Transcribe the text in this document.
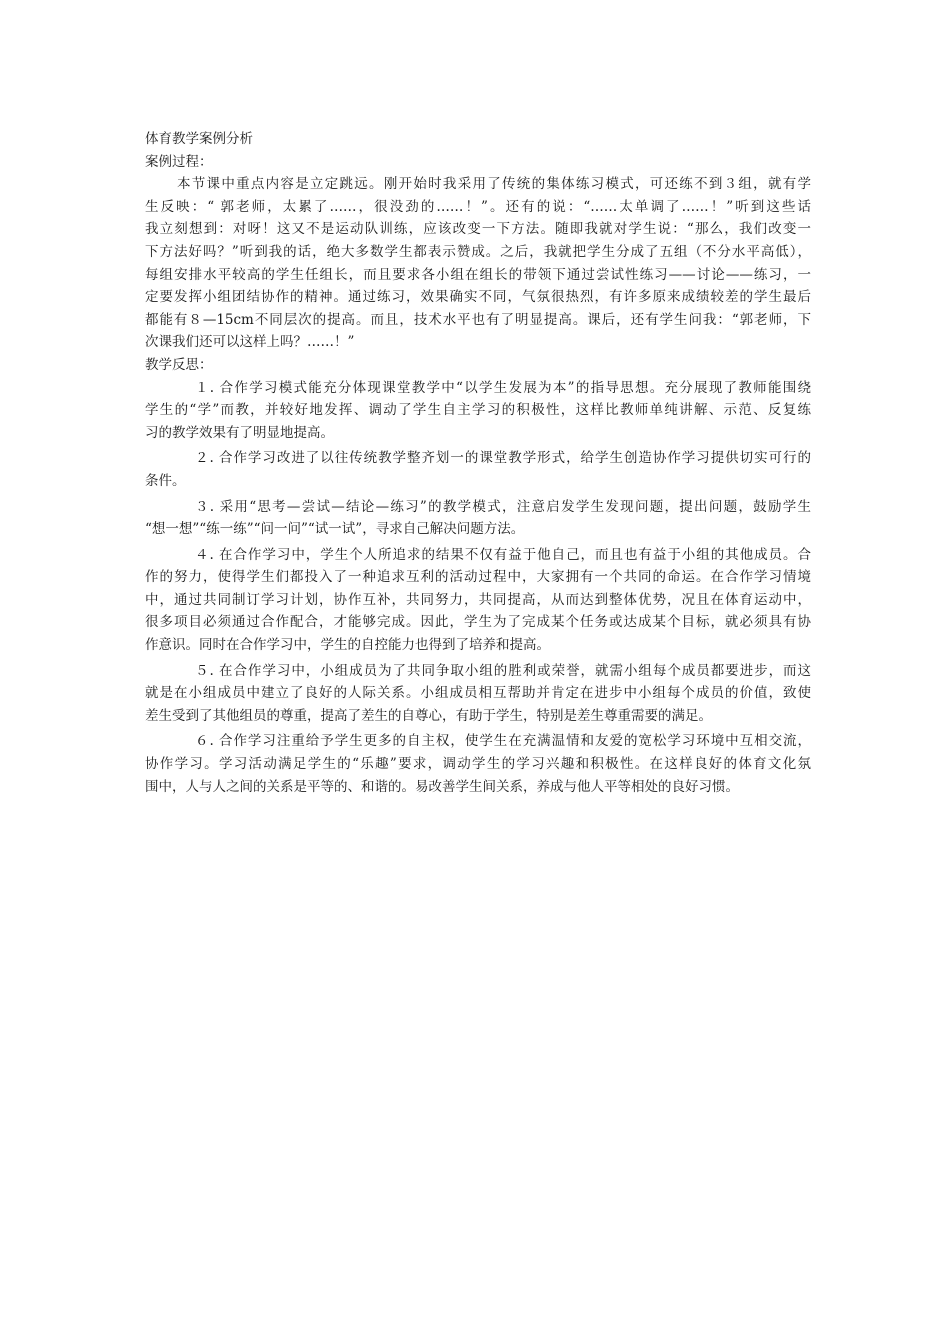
体育教学案例分析

案例过程：

本节课中重点内容是立定跳远。刚开始时我采用了传统的集体练习模式，可还练不到３组，就有学

生反映：“ 郭老师，太累了……，很没劲的……！”。还有的说：“……太单调了……！”听到这些话

我立刻想到：对呀！这又不是运动队训练，应该改变一下方法。随即我就对学生说：“那么，我们改变一

下方法好吗？”听到我的话，绝大多数学生都表示赞成。之后，我就把学生分成了五组（不分水平高低），

每组安排水平较高的学生任组长，而且要求各小组在组长的带领下通过尝试性练习——讨论——练习，一

定要发挥小组团结协作的精神。通过练习，效果确实不同，气氛很热烈，有许多原来成绩较差的学生最后

都能有８—15cm不同层次的提高。而且，技术水平也有了明显提高。课后，还有学生问我：“郭老师，下

次课我们还可以这样上吗？……！”

教学反思：

１. 合作学习模式能充分体现课堂教学中“以学生发展为本”的指导思想。充分展现了教师能围绕

学生的“学”而教，并较好地发挥、调动了学生自主学习的积极性，这样比教师单纯讲解、示范、反复练

习的教学效果有了明显地提高。

２. 合作学习改进了以往传统教学整齐划一的课堂教学形式，给学生创造协作学习提供切实可行的

条件。

３. 采用“思考—尝试—结论—练习”的教学模式，注意启发学生发现问题，提出问题，鼓励学生

“想一想”“练一练”“问一问”“试一试”，寻求自己解决问题方法。

４. 在合作学习中，学生个人所追求的结果不仅有益于他自己，而且也有益于小组的其他成员。合

作的努力，使得学生们都投入了一种追求互利的活动过程中，大家拥有一个共同的命运。在合作学习情境

中，通过共同制订学习计划，协作互补，共同努力，共同提高，从而达到整体优势，况且在体育运动中，

很多项目必须通过合作配合，才能够完成。因此，学生为了完成某个任务或达成某个目标，就必须具有协

作意识。同时在合作学习中，学生的自控能力也得到了培养和提高。

５. 在合作学习中，小组成员为了共同争取小组的胜利或荣誉，就需小组每个成员都要进步，而这

就是在小组成员中建立了良好的人际关系。小组成员相互帮助并肯定在进步中小组每个成员的价值，致使

差生受到了其他组员的尊重，提高了差生的自尊心，有助于学生，特别是差生尊重需要的满足。

６. 合作学习注重给予学生更多的自主权，使学生在充满温情和友爱的宽松学习环境中互相交流，

协作学习。学习活动满足学生的“乐趣”要求，调动学生的学习兴趣和积极性。在这样良好的体育文化氛

围中，人与人之间的关系是平等的、和谐的。易改善学生间关系，养成与他人平等相处的良好习惯。
